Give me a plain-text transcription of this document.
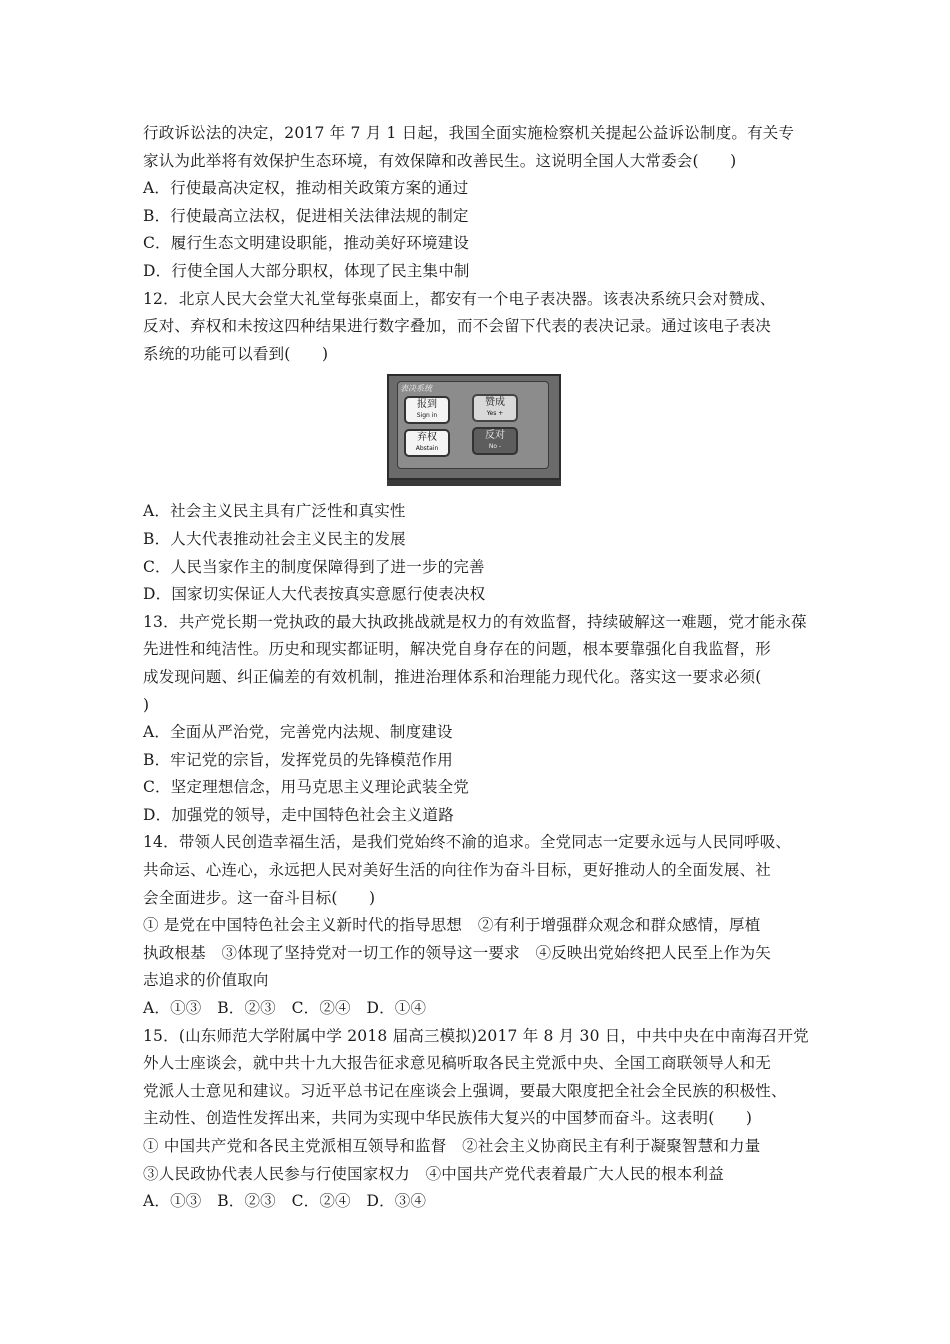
行政诉讼法的决定，2017 年 7 月 1 日起，我国全面实施检察机关提起公益诉讼制度。有关专
家认为此举将有效保护生态环境，有效保障和改善民生。这说明全国人大常委会(　　)
A．行使最高决定权，推动相关政策方案的通过
B．行使最高立法权，促进相关法律法规的制定
C．履行生态文明建设职能，推动美好环境建设
D．行使全国人大部分职权，体现了民主集中制
12．北京人民大会堂大礼堂每张桌面上，都安有一个电子表决器。该表决系统只会对赞成、
反对、弃权和未按这四种结果进行数字叠加，而不会留下代表的表决记录。通过该电子表决
系统的功能可以看到(　　)
表决系统
报到
Sign in
赞成
Yes +
弃权
Abstain
反对
No -
A．社会主义民主具有广泛性和真实性
B．人大代表推动社会主义民主的发展
C．人民当家作主的制度保障得到了进一步的完善
D．国家切实保证人大代表按真实意愿行使表决权
13．共产党长期一党执政的最大执政挑战就是权力的有效监督，持续破解这一难题，党才能永葆
先进性和纯洁性。历史和现实都证明，解决党自身存在的问题，根本要靠强化自我监督，形
成发现问题、纠正偏差的有效机制，推进治理体系和治理能力现代化。落实这一要求必须(
)
A．全面从严治党，完善党内法规、制度建设
B．牢记党的宗旨，发挥党员的先锋模范作用
C．坚定理想信念，用马克思主义理论武装全党
D．加强党的领导，走中国特色社会主义道路
14．带领人民创造幸福生活，是我们党始终不渝的追求。全党同志一定要永远与人民同呼吸、
共命运、心连心，永远把人民对美好生活的向往作为奋斗目标，更好推动人的全面发展、社
会全面进步。这一奋斗目标(　　)
① 是党在中国特色社会主义新时代的指导思想　②有利于增强群众观念和群众感情，厚植
执政根基　③体现了坚持党对一切工作的领导这一要求　④反映出党始终把人民至上作为矢
志追求的价值取向
A．①③　B．②③　C．②④　D．①④
15．(山东师范大学附属中学 2018 届高三模拟)2017 年 8 月 30 日，中共中央在中南海召开党
外人士座谈会，就中共十九大报告征求意见稿听取各民主党派中央、全国工商联领导人和无
党派人士意见和建议。习近平总书记在座谈会上强调，要最大限度把全社会全民族的积极性、
主动性、创造性发挥出来，共同为实现中华民族伟大复兴的中国梦而奋斗。这表明(　　)
① 中国共产党和各民主党派相互领导和监督　②社会主义协商民主有利于凝聚智慧和力量
③人民政协代表人民参与行使国家权力　④中国共产党代表着最广大人民的根本利益
A．①③　B．②③　C．②④　D．③④
